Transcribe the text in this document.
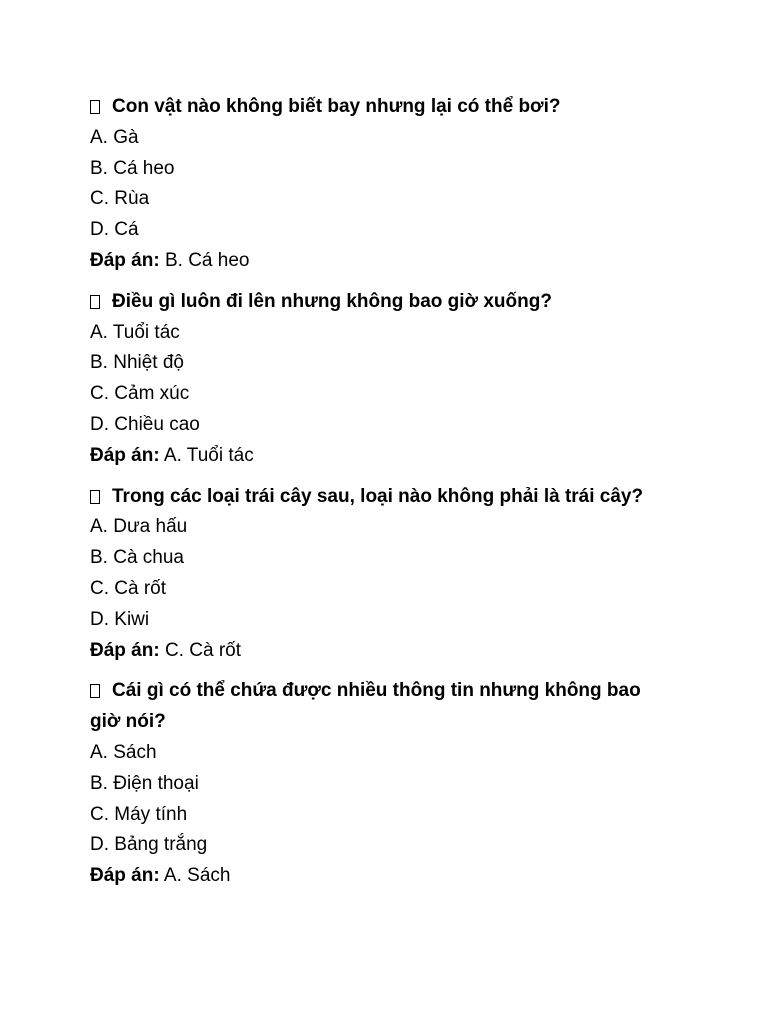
Con vật nào không biết bay nhưng lại có thể bơi?

A. Gà
B. Cá heo
C. Rùa
D. Cá
Đáp án: B. Cá heo

Điều gì luôn đi lên nhưng không bao giờ xuống?

A. Tuổi tác
B. Nhiệt độ
C. Cảm xúc
D. Chiều cao
Đáp án: A. Tuổi tác

Trong các loại trái cây sau, loại nào không phải là trái cây?

A. Dưa hấu
B. Cà chua
C. Cà rốt
D. Kiwi
Đáp án: C. Cà rốt

Cái gì có thể chứa được nhiều thông tin nhưng không bao giờ nói?

A. Sách
B. Điện thoại
C. Máy tính
D. Bảng trắng
Đáp án: A. Sách
